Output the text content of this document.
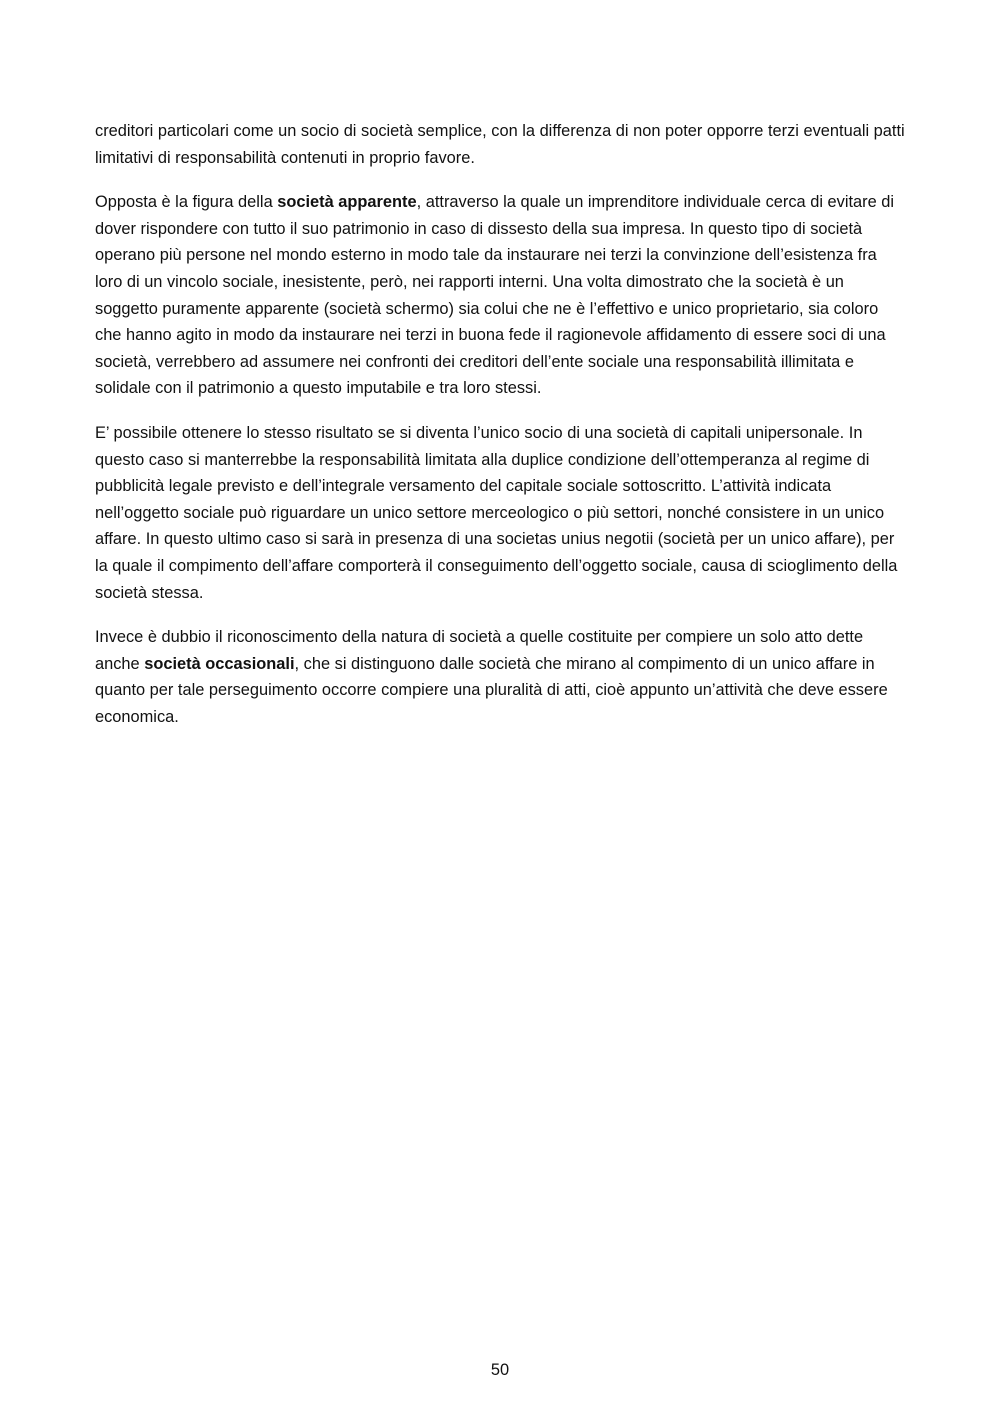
creditori particolari come un socio di società semplice, con la differenza di non poter opporre terzi eventuali patti limitativi di responsabilità contenuti in proprio favore.

Opposta è la figura della società apparente, attraverso la quale un imprenditore individuale cerca di evitare di dover rispondere con tutto il suo patrimonio in caso di dissesto della sua impresa. In questo tipo di società operano più persone nel mondo esterno in modo tale da instaurare nei terzi la convinzione dell’esistenza fra loro di un vincolo sociale, inesistente, però, nei rapporti interni. Una volta dimostrato che la società è un soggetto puramente apparente (società schermo) sia colui che ne è l’effettivo e unico proprietario, sia coloro che hanno agito in modo da instaurare nei terzi in buona fede il ragionevole affidamento di essere soci di una società, verrebbero ad assumere nei confronti dei creditori dell’ente sociale una responsabilità illimitata e solidale con il patrimonio a questo imputabile e tra loro stessi.

E’ possibile ottenere lo stesso risultato se si diventa l’unico socio di una società di capitali unipersonale. In questo caso si manterrebbe la responsabilità limitata alla duplice condizione dell’ottemperanza al regime di pubblicità legale previsto e dell’integrale versamento del capitale sociale sottoscritto. L’attività indicata nell’oggetto sociale può riguardare un unico settore merceologico o più settori, nonché consistere in un unico affare. In questo ultimo caso si sarà in presenza di una societas unius negotii (società per un unico affare), per la quale il compimento dell’affare comporterà il conseguimento dell’oggetto sociale, causa di scioglimento della società stessa.

Invece è dubbio il riconoscimento della natura di società a quelle costituite per compiere un solo atto dette anche società occasionali, che si distinguono dalle società che mirano al compimento di un unico affare in quanto per tale perseguimento occorre compiere una pluralità di atti, cioè appunto un’attività che deve essere economica.

50
